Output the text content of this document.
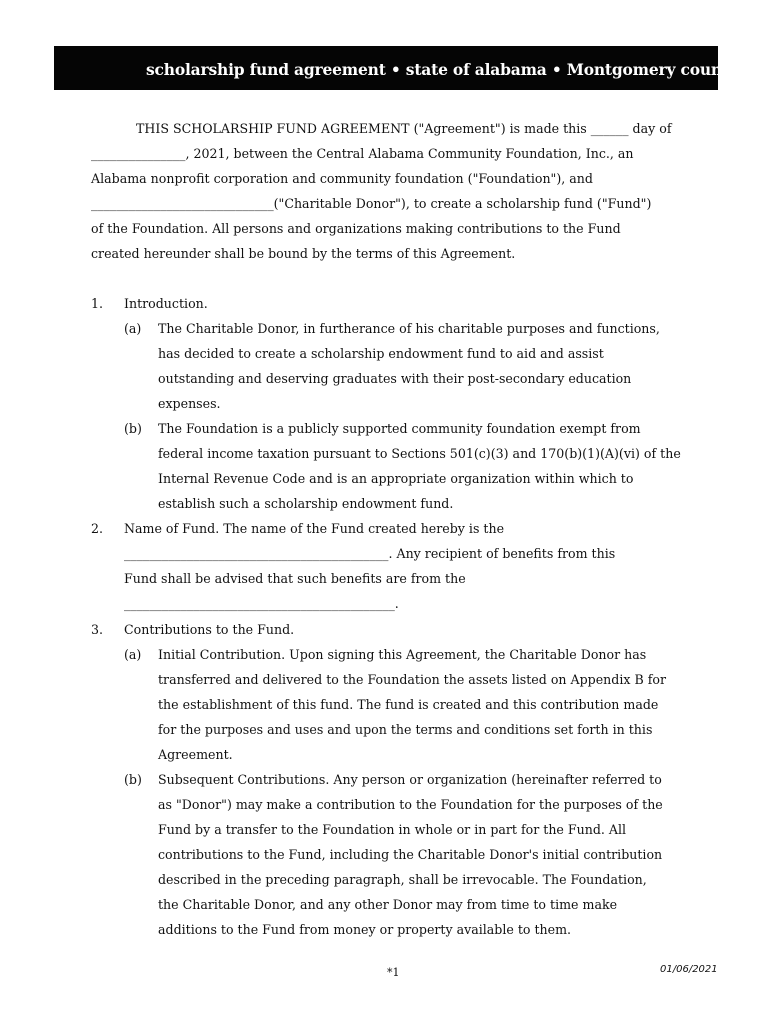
scholarship fund agreement • state of alabama • Montgomery county
THIS SCHOLARSHIP FUND AGREEMENT ("Agreement") is made this ______ day of
_______________, 2021, between the Central Alabama Community Foundation, Inc., an
Alabama nonprofit corporation and community foundation ("Foundation"), and
_____________________________("Charitable Donor"), to create a scholarship fund ("Fund")
of the Foundation. All persons and organizations making contributions to the Fund
created hereunder shall be bound by the terms of this Agreement.
1. Introduction.
(a) The Charitable Donor, in furtherance of his charitable purposes and functions,
has decided to create a scholarship endowment fund to aid and assist
outstanding and deserving graduates with their post-secondary education
expenses.
(b) The Foundation is a publicly supported community foundation exempt from
federal income taxation pursuant to Sections 501(c)(3) and 170(b)(1)(A)(vi) of the
Internal Revenue Code and is an appropriate organization within which to
establish such a scholarship endowment fund.
2. Name of Fund. The name of the Fund created hereby is the
__________________________________________. Any recipient of benefits from this
Fund shall be advised that such benefits are from the
___________________________________________.
3. Contributions to the Fund.
(a) Initial Contribution. Upon signing this Agreement, the Charitable Donor has
transferred and delivered to the Foundation the assets listed on Appendix B for
the establishment of this fund. The fund is created and this contribution made
for the purposes and uses and upon the terms and conditions set forth in this
Agreement.
(b) Subsequent Contributions. Any person or organization (hereinafter referred to
as "Donor") may make a contribution to the Foundation for the purposes of the
Fund by a transfer to the Foundation in whole or in part for the Fund. All
contributions to the Fund, including the Charitable Donor's initial contribution
described in the preceding paragraph, shall be irrevocable. The Foundation,
the Charitable Donor, and any other Donor may from time to time make
additions to the Fund from money or property available to them.
*1	01/06/2021
